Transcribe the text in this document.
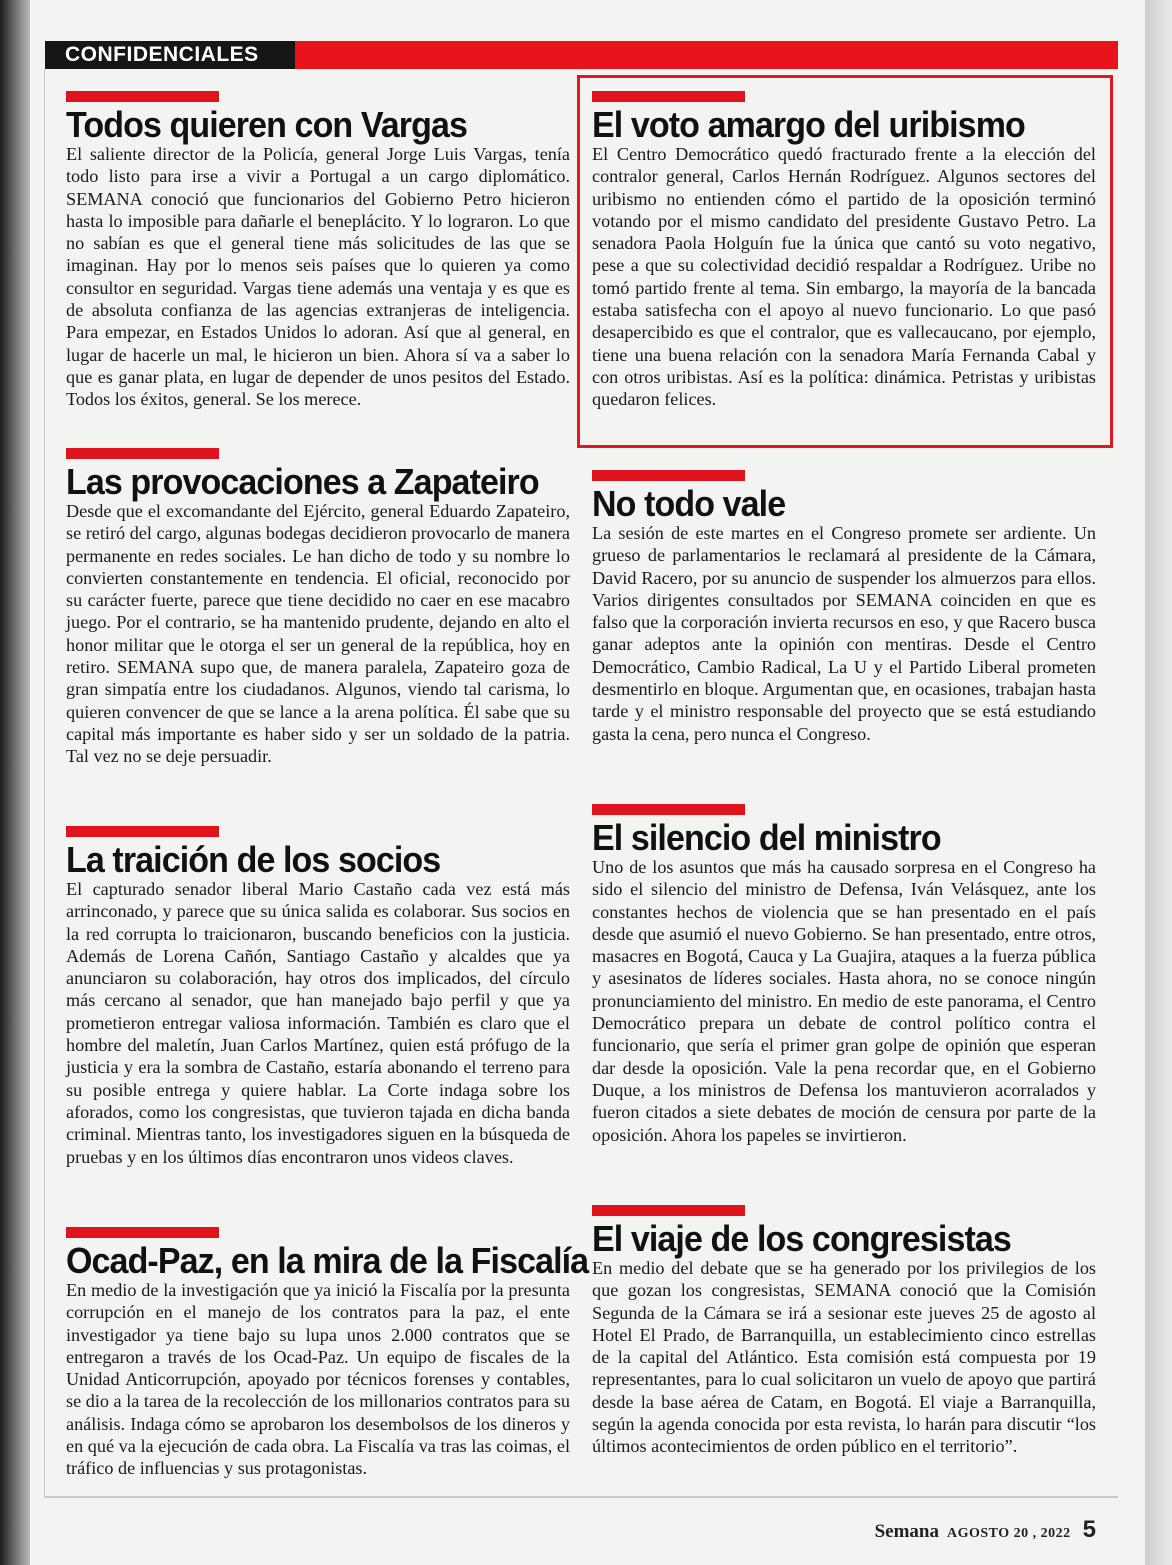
CONFIDENCIALES
Todos quieren con Vargas

El saliente director de la Policía, general Jorge Luis Vargas, tenía todo listo para irse a vivir a Portugal a un cargo diplomático. SEMANA conoció que funcionarios del Gobierno Petro hicieron hasta lo imposible para dañarle el beneplácito. Y lo lograron. Lo que no sabían es que el general tiene más solicitudes de las que se imaginan. Hay por lo menos seis países que lo quieren ya como consultor en seguridad. Vargas tiene además una ventaja y es que es de absoluta confianza de las agencias extranjeras de inteligencia. Para empezar, en Estados Unidos lo adoran. Así que al general, en lugar de hacerle un mal, le hicieron un bien. Ahora sí va a saber lo que es ganar plata, en lugar de depender de unos pesitos del Estado. Todos los éxitos, general. Se los merece.

El voto amargo del uribismo

El Centro Democrático quedó fracturado frente a la elección del contralor general, Carlos Hernán Rodríguez. Algunos sectores del uribismo no entienden cómo el partido de la oposición terminó votando por el mismo candidato del presidente Gustavo Petro. La senadora Paola Holguín fue la única que cantó su voto negativo, pese a que su colectividad decidió respaldar a Rodríguez. Uribe no tomó partido frente al tema. Sin embargo, la mayoría de la bancada estaba satisfecha con el apoyo al nuevo funcionario. Lo que pasó desapercibido es que el contralor, que es vallecaucano, por ejemplo, tiene una buena relación con la senadora María Fernanda Cabal y con otros uribistas. Así es la política: dinámica. Petristas y uribistas quedaron felices.

Las provocaciones a Zapateiro

Desde que el excomandante del Ejército, general Eduardo Zapateiro, se retiró del cargo, algunas bodegas decidieron provocarlo de manera permanente en redes sociales. Le han dicho de todo y su nombre lo convierten constantemente en tendencia. El oficial, reconocido por su carácter fuerte, parece que tiene decidido no caer en ese macabro juego. Por el contrario, se ha mantenido prudente, dejando en alto el honor militar que le otorga el ser un general de la república, hoy en retiro. SEMANA supo que, de manera paralela, Zapateiro goza de gran simpatía entre los ciudadanos. Algunos, viendo tal carisma, lo quieren convencer de que se lance a la arena política. Él sabe que su capital más importante es haber sido y ser un soldado de la patria. Tal vez no se deje persuadir.

No todo vale

La sesión de este martes en el Congreso promete ser ardiente. Un grueso de parlamentarios le reclamará al presidente de la Cámara, David Racero, por su anuncio de suspender los almuerzos para ellos. Varios dirigentes consultados por SEMANA coinciden en que es falso que la corporación invierta recursos en eso, y que Racero busca ganar adeptos ante la opinión con mentiras. Desde el Centro Democrático, Cambio Radical, La U y el Partido Liberal prometen desmentirlo en bloque. Argumentan que, en ocasiones, trabajan hasta tarde y el ministro responsable del proyecto que se está estudiando gasta la cena, pero nunca el Congreso.

La traición de los socios

El capturado senador liberal Mario Castaño cada vez está más arrinconado, y parece que su única salida es colaborar. Sus socios en la red corrupta lo traicionaron, buscando beneficios con la justicia. Además de Lorena Cañón, Santiago Castaño y alcaldes que ya anunciaron su colaboración, hay otros dos implicados, del círculo más cercano al senador, que han manejado bajo perfil y que ya prometieron entregar valiosa información. También es claro que el hombre del maletín, Juan Carlos Martínez, quien está prófugo de la justicia y era la sombra de Castaño, estaría abonando el terreno para su posible entrega y quiere hablar. La Corte indaga sobre los aforados, como los congresistas, que tuvieron tajada en dicha banda criminal. Mientras tanto, los investigadores siguen en la búsqueda de pruebas y en los últimos días encontraron unos videos claves.

El silencio del ministro

Uno de los asuntos que más ha causado sorpresa en el Congreso ha sido el silencio del ministro de Defensa, Iván Velásquez, ante los constantes hechos de violencia que se han presentado en el país desde que asumió el nuevo Gobierno. Se han presentado, entre otros, masacres en Bogotá, Cauca y La Guajira, ataques a la fuerza pública y asesinatos de líderes sociales. Hasta ahora, no se conoce ningún pronunciamiento del ministro. En medio de este panorama, el Centro Democrático prepara un debate de control político contra el funcionario, que sería el primer gran golpe de opinión que esperan dar desde la oposición. Vale la pena recordar que, en el Gobierno Duque, a los ministros de Defensa los mantuvieron acorralados y fueron citados a siete debates de moción de censura por parte de la oposición. Ahora los papeles se invirtieron.

Ocad-Paz, en la mira de la Fiscalía

En medio de la investigación que ya inició la Fiscalía por la presunta corrupción en el manejo de los contratos para la paz, el ente investigador ya tiene bajo su lupa unos 2.000 contratos que se entregaron a través de los Ocad-Paz. Un equipo de fiscales de la Unidad Anticorrupción, apoyado por técnicos forenses y contables, se dio a la tarea de la recolección de los millonarios contratos para su análisis. Indaga cómo se aprobaron los desembolsos de los dineros y en qué va la ejecución de cada obra. La Fiscalía va tras las coimas, el tráfico de influencias y sus protagonistas.

El viaje de los congresistas

En medio del debate que se ha generado por los privilegios de los que gozan los congresistas, SEMANA conoció que la Comisión Segunda de la Cámara se irá a sesionar este jueves 25 de agosto al Hotel El Prado, de Barranquilla, un establecimiento cinco estrellas de la capital del Atlántico. Esta comisión está compuesta por 19 representantes, para lo cual solicitaron un vuelo de apoyo que partirá desde la base aérea de Catam, en Bogotá. El viaje a Barranquilla, según la agenda conocida por esta revista, lo harán para discutir “los últimos acontecimientos de orden público en el territorio”.

Semana AGOSTO 20 , 2022 5
